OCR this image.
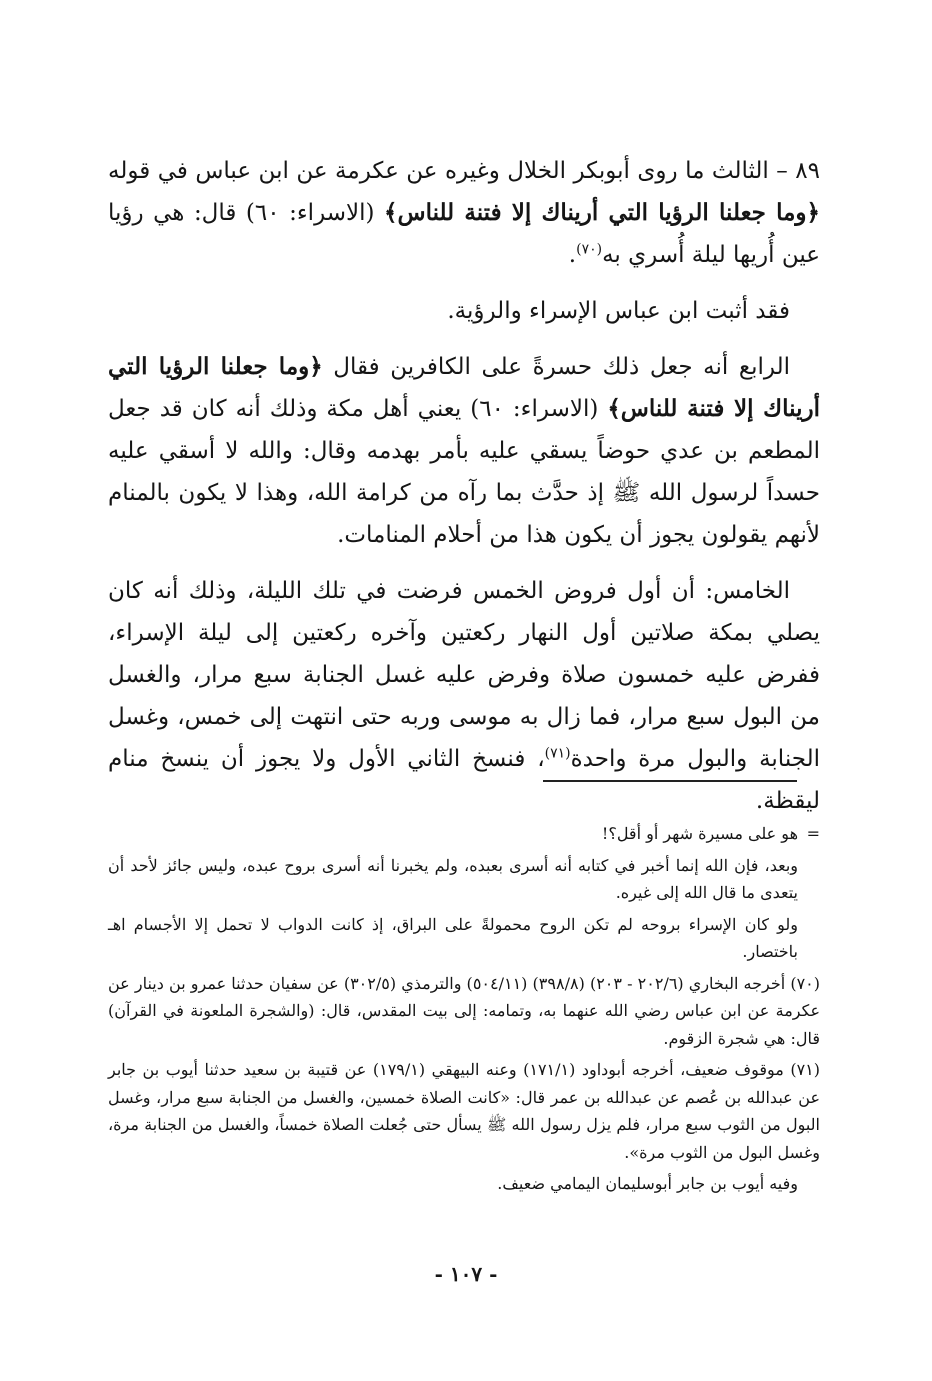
٨٩ – الثالث ما روى أبوبكر الخلال وغيره عن عكرمة عن ابن عباس في قوله ﴿وما جعلنا الرؤيا التي أريناك إلا فتنة للناس﴾ (الاسراء: ٦٠) قال: هي رؤيا عين أُريها ليلة أُسري به$^{(٧٠)}$.

فقد أثبت ابن عباس الإسراء والرؤية.

الرابع أنه جعل ذلك حسرةً على الكافرين فقال ﴿وما جعلنا الرؤيا التي أريناك إلا فتنة للناس﴾ (الاسراء: ٦٠) يعني أهل مكة وذلك أنه كان قد جعل المطعم بن عدي حوضاً يسقي عليه بأمر بهدمه وقال: والله لا أسقي عليه حسداً لرسول الله ﷺ إذ حدَّث بما رآه من كرامة الله، وهذا لا يكون بالمنام لأنهم يقولون يجوز أن يكون هذا من أحلام المنامات.

الخامس: أن أول فروض الخمس فرضت في تلك الليلة، وذلك أنه كان يصلي بمكة صلاتين أول النهار ركعتين وآخره ركعتين إلى ليلة الإسراء، ففرض عليه خمسون صلاة وفرض عليه غسل الجنابة سبع مرار، والغسل من البول سبع مرار، فما زال به موسى وربه حتى انتهت إلى خمس، وغسل الجنابة والبول مرة واحدة$^{(٧١)}$، فنسخ الثاني الأول ولا يجوز أن ينسخ منام ليقظة.

=هو على مسيرة شهر أو أقل؟!

وبعد، فإن الله إنما أخبر في كتابه أنه أسرى بعبده، ولم يخبرنا أنه أسرى بروح عبده، وليس جائز لأحد أن يتعدى ما قال الله إلى غيره.

ولو كان الإسراء بروحه لم تكن الروح محمولةً على البراق، إذ كانت الدواب لا تحمل إلا الأجسام اهـ باختصار.

(٧٠) أخرجه البخاري (٢٠٢/٦ - ٢٠٣) (٣٩٨/٨) (٥٠٤/١١) والترمذي (٣٠٢/٥) عن سفيان حدثنا عمرو بن دينار عن عكرمة عن ابن عباس رضي الله عنهما به، وتمامه: إلى بيت المقدس، قال: (والشجرة الملعونة في القرآن) قال: هي شجرة الزقوم.

(٧١) موقوف ضعيف، أخرجه أبوداود (١٧١/١) وعنه البيهقي (١٧٩/١) عن قتيبة بن سعيد حدثنا أيوب بن جابر عن عبدالله بن عُصم عن عبدالله بن عمر قال: «كانت الصلاة خمسين، والغسل من الجنابة سبع مرار، وغسل البول من الثوب سبع مرار، فلم يزل رسول الله ﷺ يسأل حتى جُعلت الصلاة خمساً، والغسل من الجنابة مرة، وغسل البول من الثوب مرة».

وفيه أيوب بن جابر أبوسليمان اليمامي ضعيف.

- ١٠٧ -
